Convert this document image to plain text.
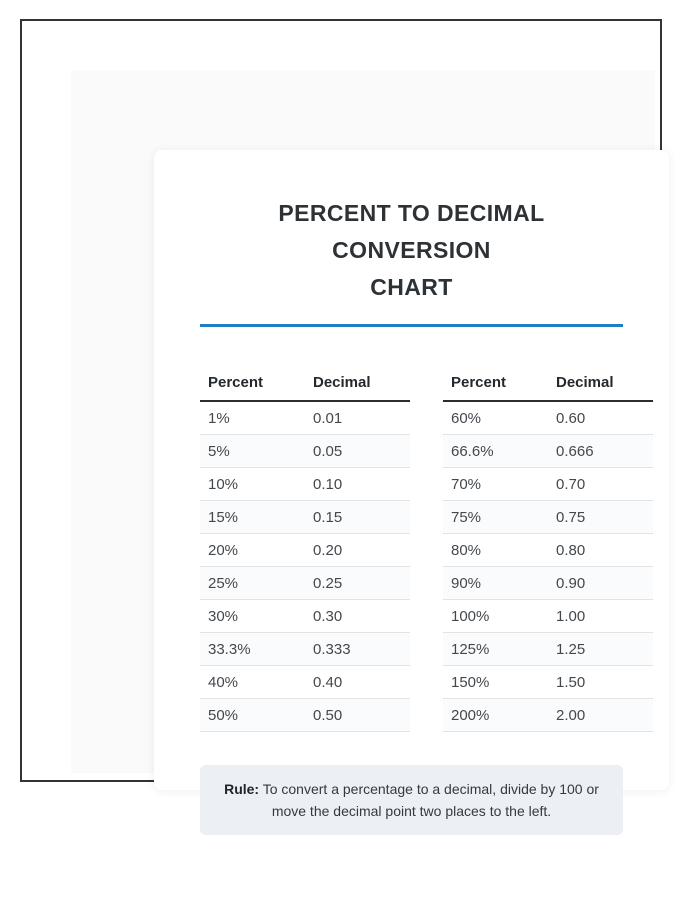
PERCENT TO DECIMAL CONVERSION
CHART
Percent	Decimal
1%	0.01
5%	0.05
10%	0.10
15%	0.15
20%	0.20
25%	0.25
30%	0.30
33.3%	0.333
40%	0.40
50%	0.50
Percent	Decimal
60%	0.60
66.6%	0.666
70%	0.70
75%	0.75
80%	0.80
90%	0.90
100%	1.00
125%	1.25
150%	1.50
200%	2.00
Rule: To convert a percentage to a decimal, divide by 100 or move the decimal point two places to the left.
